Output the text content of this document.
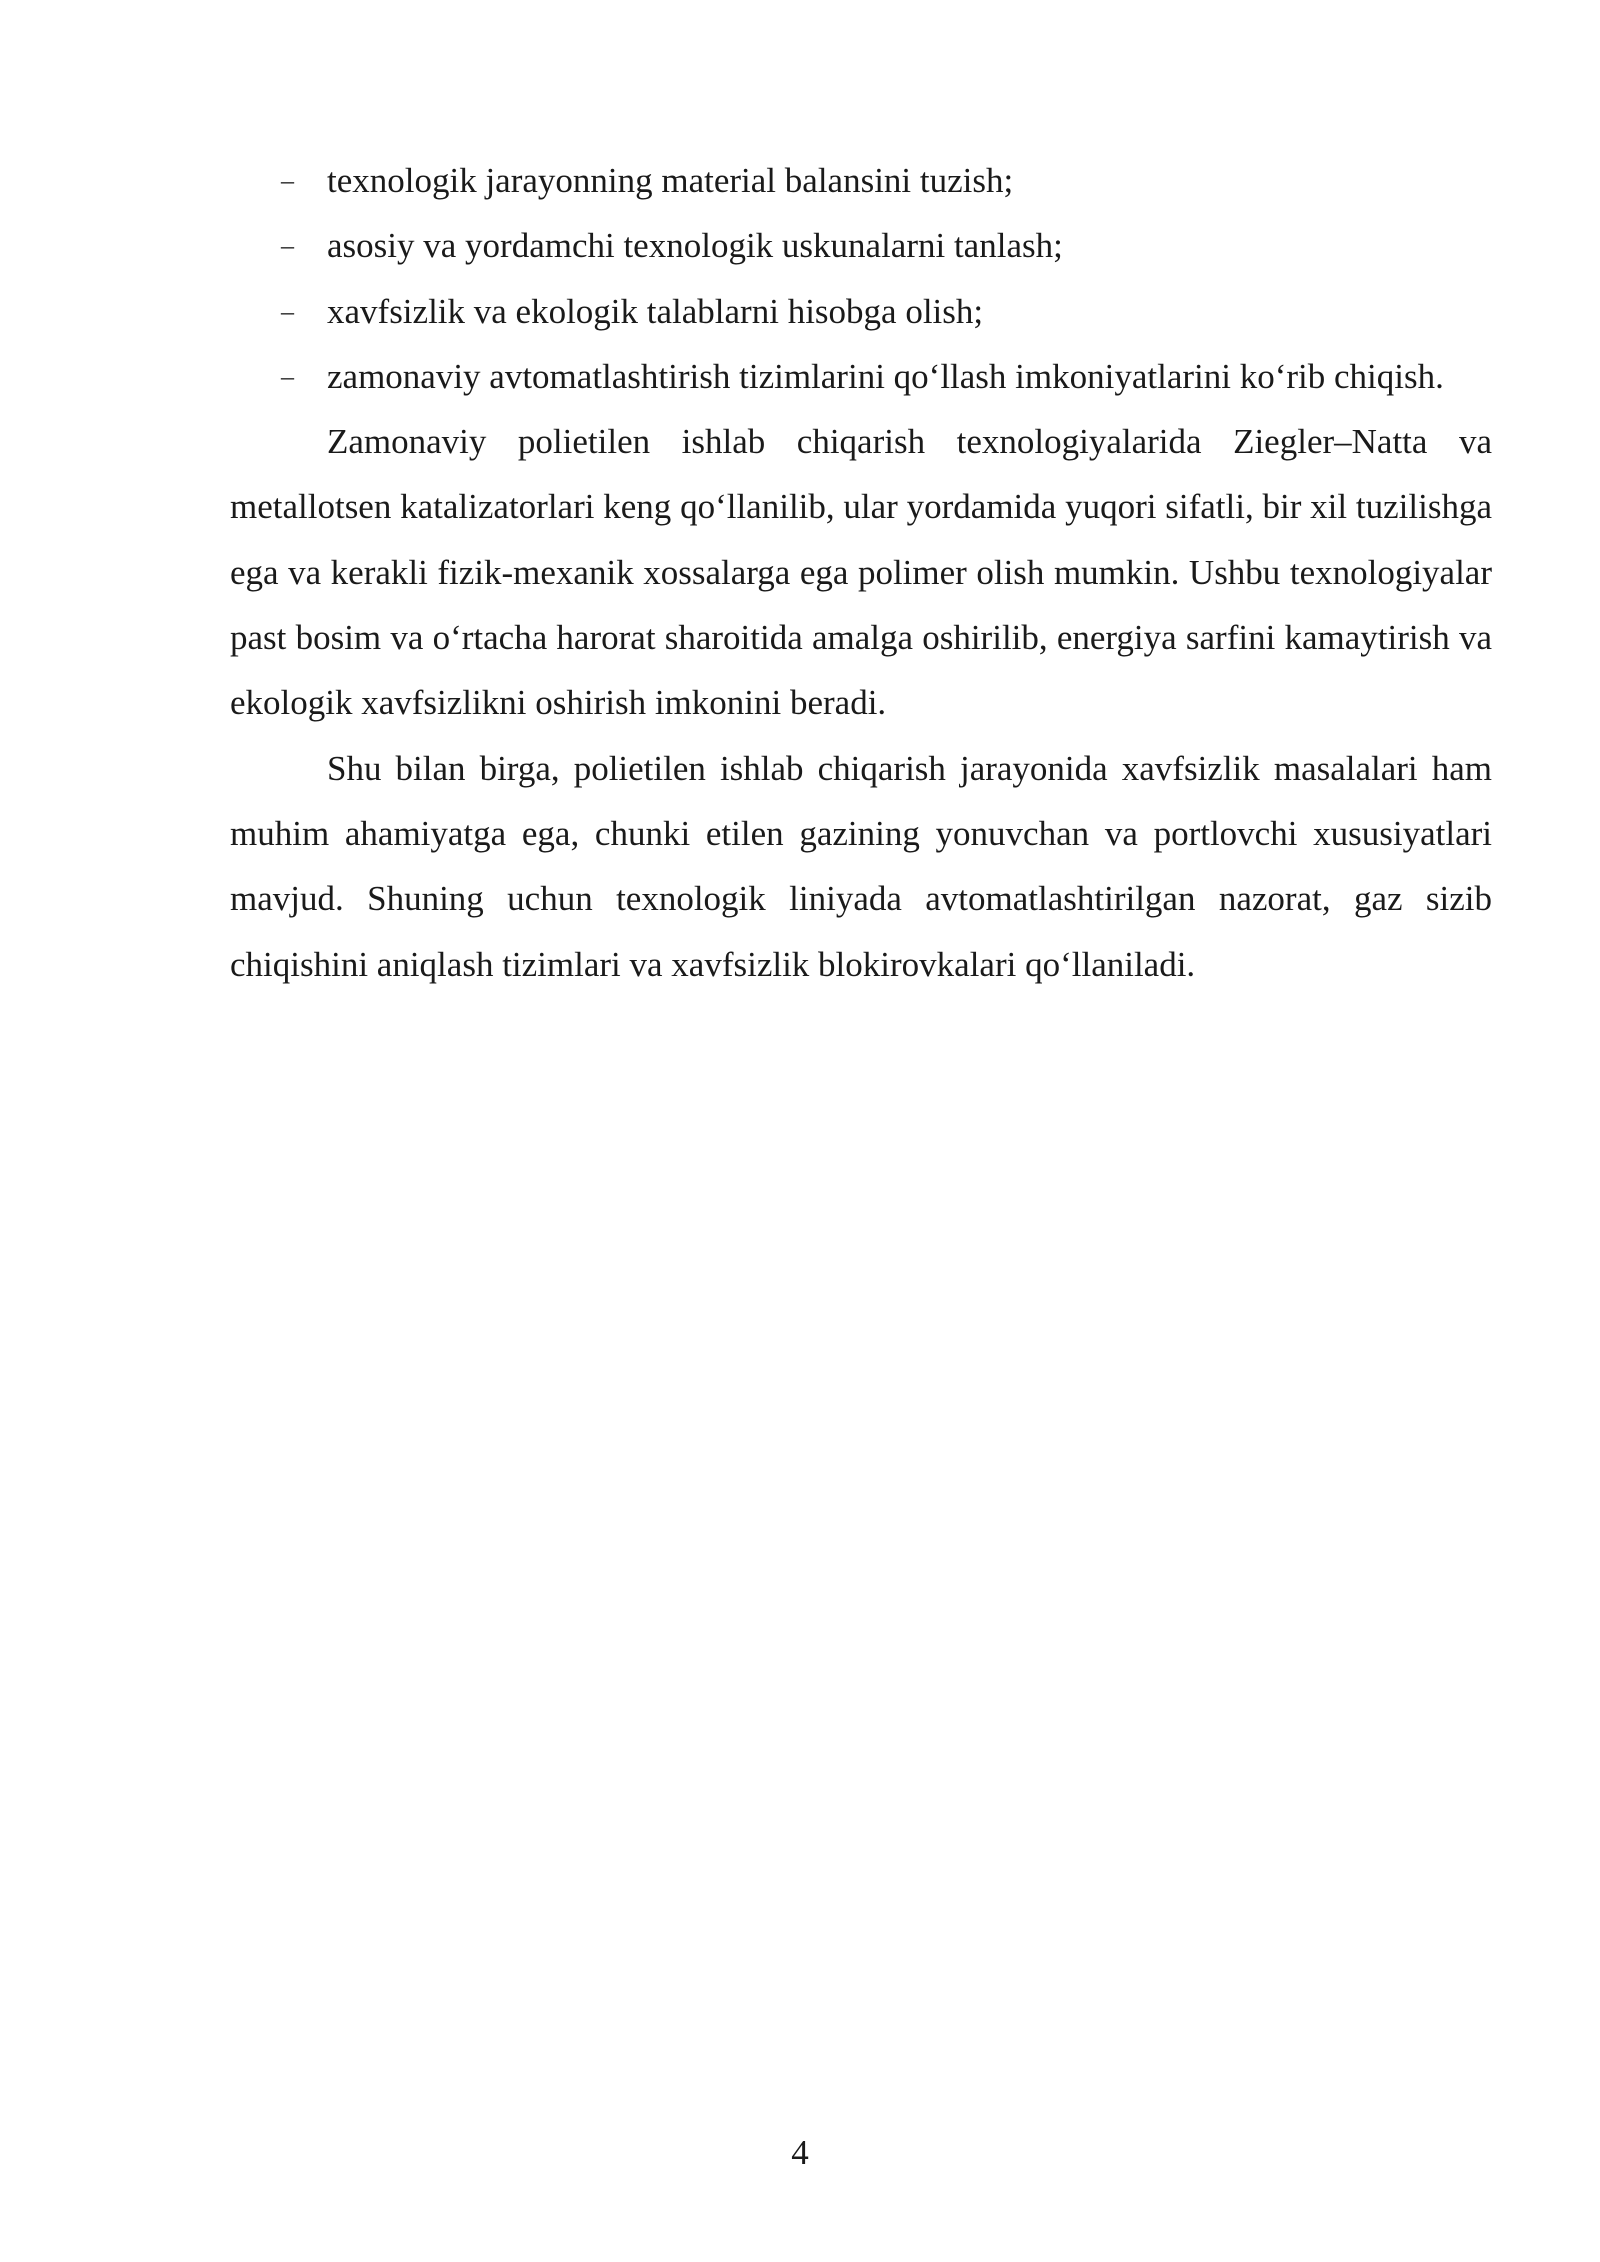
– texnologik jarayonning material balansini tuzish;
– asosiy va yordamchi texnologik uskunalarni tanlash;
– xavfsizlik va ekologik talablarni hisobga olish;
– zamonaviy avtomatlashtirish tizimlarini qo‘llash imkoniyatlarini ko‘rib chiqish.

Zamonaviy polietilen ishlab chiqarish texnologiyalarida Ziegler–Natta va metallotsen katalizatorlari keng qo‘llanilib, ular yordamida yuqori sifatli, bir xil tuzilishga ega va kerakli fizik-mexanik xossalarga ega polimer olish mumkin. Ushbu texnologiyalar past bosim va o‘rtacha harorat sharoitida amalga oshirilib, energiya sarfini kamaytirish va ekologik xavfsizlikni oshirish imkonini beradi.

Shu bilan birga, polietilen ishlab chiqarish jarayonida xavfsizlik masalalari ham muhim ahamiyatga ega, chunki etilen gazining yonuvchan va portlovchi xususiyatlari mavjud. Shuning uchun texnologik liniyada avtomatlashtirilgan nazorat, gaz sizib chiqishini aniqlash tizimlari va xavfsizlik blokirovkalari qo‘llaniladi.

4
